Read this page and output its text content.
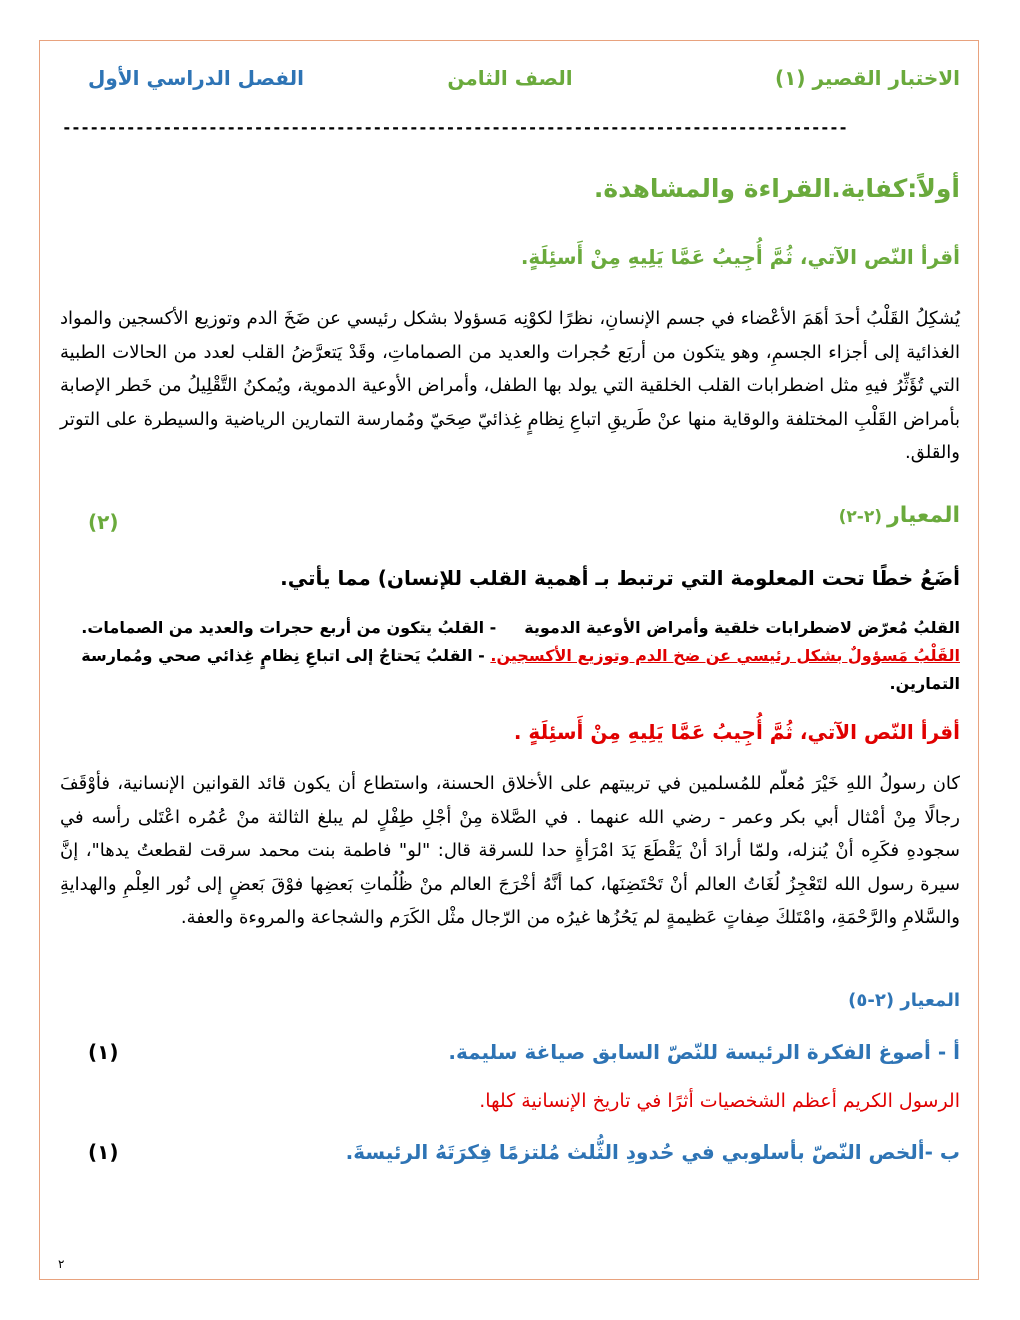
الاختبار القصير (١)
الصف الثامن
الفصل الدراسي الأول
--------------------------------------------------------------------------------------
أولاً:كفاية.القراءة والمشاهدة.
أقرأ النّص الآتي، ثُمَّ أُجِيبُ عَمَّا يَلِيهِ مِنْ أَسئِلَةٍ.
يُشكِلُ القَلْبُ أحدَ أهَمَ الأعْضاء في جسم الإنسانِ، نظرًا لكوْنِه مَسؤولا بشكل رئيسي عن ضَخَ الدم وتوزيع الأكسجين والمواد الغذائية إلى أجزاء الجسمِ، وهو يتكون من أربَع حُجرات والعديد من الصماماتِ، وقَدْ يَتعرَّضُ القلب لعدد من الحالات الطبية التي تُؤَثِّرُ فيهِ مثل اضطرابات القلب الخلقية التي يولد بها الطفل، وأمراض الأوعية الدموية، ويُمكنُ التَّقْلِيلُ من خَطر الإصابة بأمراض القَلْبِ المختلفة والوقاية منها عنْ طَريقِ اتباعِ نِظامٍ غِذائيّ صِحَيّ ومُمارسة التمارين الرياضية والسيطرة على التوتر والقلق.
المعيار (٢-٢)
(٢)
أضَعُ خطًا تحت المعلومة التي ترتبط بـ أهمية القلب للإنسان) مما يأتي.
القلبُ مُعرّض لاضطرابات خلقية وأمراض الأوعية الدموية     - القلبُ يتكون من أربع حجرات والعديد من الصمامات.
القَلْبُ مَسؤولٌ بشكل رئيسي عن ضخ الدم وتوزيع الأكسجين. - القلبُ يَحتاجُ إلى اتباعِ نِظامٍ غِذائي صحي ومُمارسة التمارين.
أقرأ النّص الآتي، ثُمَّ أُجِيبُ عَمَّا يَلِيهِ مِنْ أَسئِلَةٍ .
كان رسولُ اللهِ خَيْرَ مُعلّم للمُسلمين في تربيتهم على الأخلاق الحسنة، واستطاع أن يكون قائد القوانين الإنسانية، فأوْقَفَ رجالًا مِنْ أمْثال أبي بكر وعمر - رضي الله عنهما . في الصَّلاة مِنْ أجْلِ طِفْلٍ لم يبلغ الثالثة منْ عُمُره اعْتَلى رأسه في سجودهِ فكَرِه أنْ يُنزله، ولمّا أرادَ أنْ يَقْطَعَ يَدَ امْرَأةٍ حدا للسرقة قال: "لو" فاطمة بنت محمد سرقت لقطعتُ يدها"، إنَّ سيرة رسول الله لتَعْجِزُ لُغَاتُ العالم أنْ تَحْتَضِنَها، كما أنَّهُ أخْرَجَ العالم منْ ظُلُماتِ بَعضِها فوْقَ بَعضٍ إلى نُور العِلْمِ والهدايةِ والسَّلامِ والرَّحْمَةِ، وامْتَلكَ صِفاتٍ عَظيمةٍ لم يَحُزُها غيرُه من الرّجال مثْل الكَرَم والشجاعة والمروءة والعفة.
المعيار (٢-٥)
أ - أصوغ الفكرة الرئيسة للنّصّ السابق صياغة سليمة.
(١)
الرسول الكريم أعظم الشخصيات أثرًا في تاريخ الإنسانية كلها.
ب -ألخص النّصّ بأسلوبي في حُدودِ الثُّلث مُلتزمًا فِكرَتَهُ الرئيسةَ.
(١)
٢
